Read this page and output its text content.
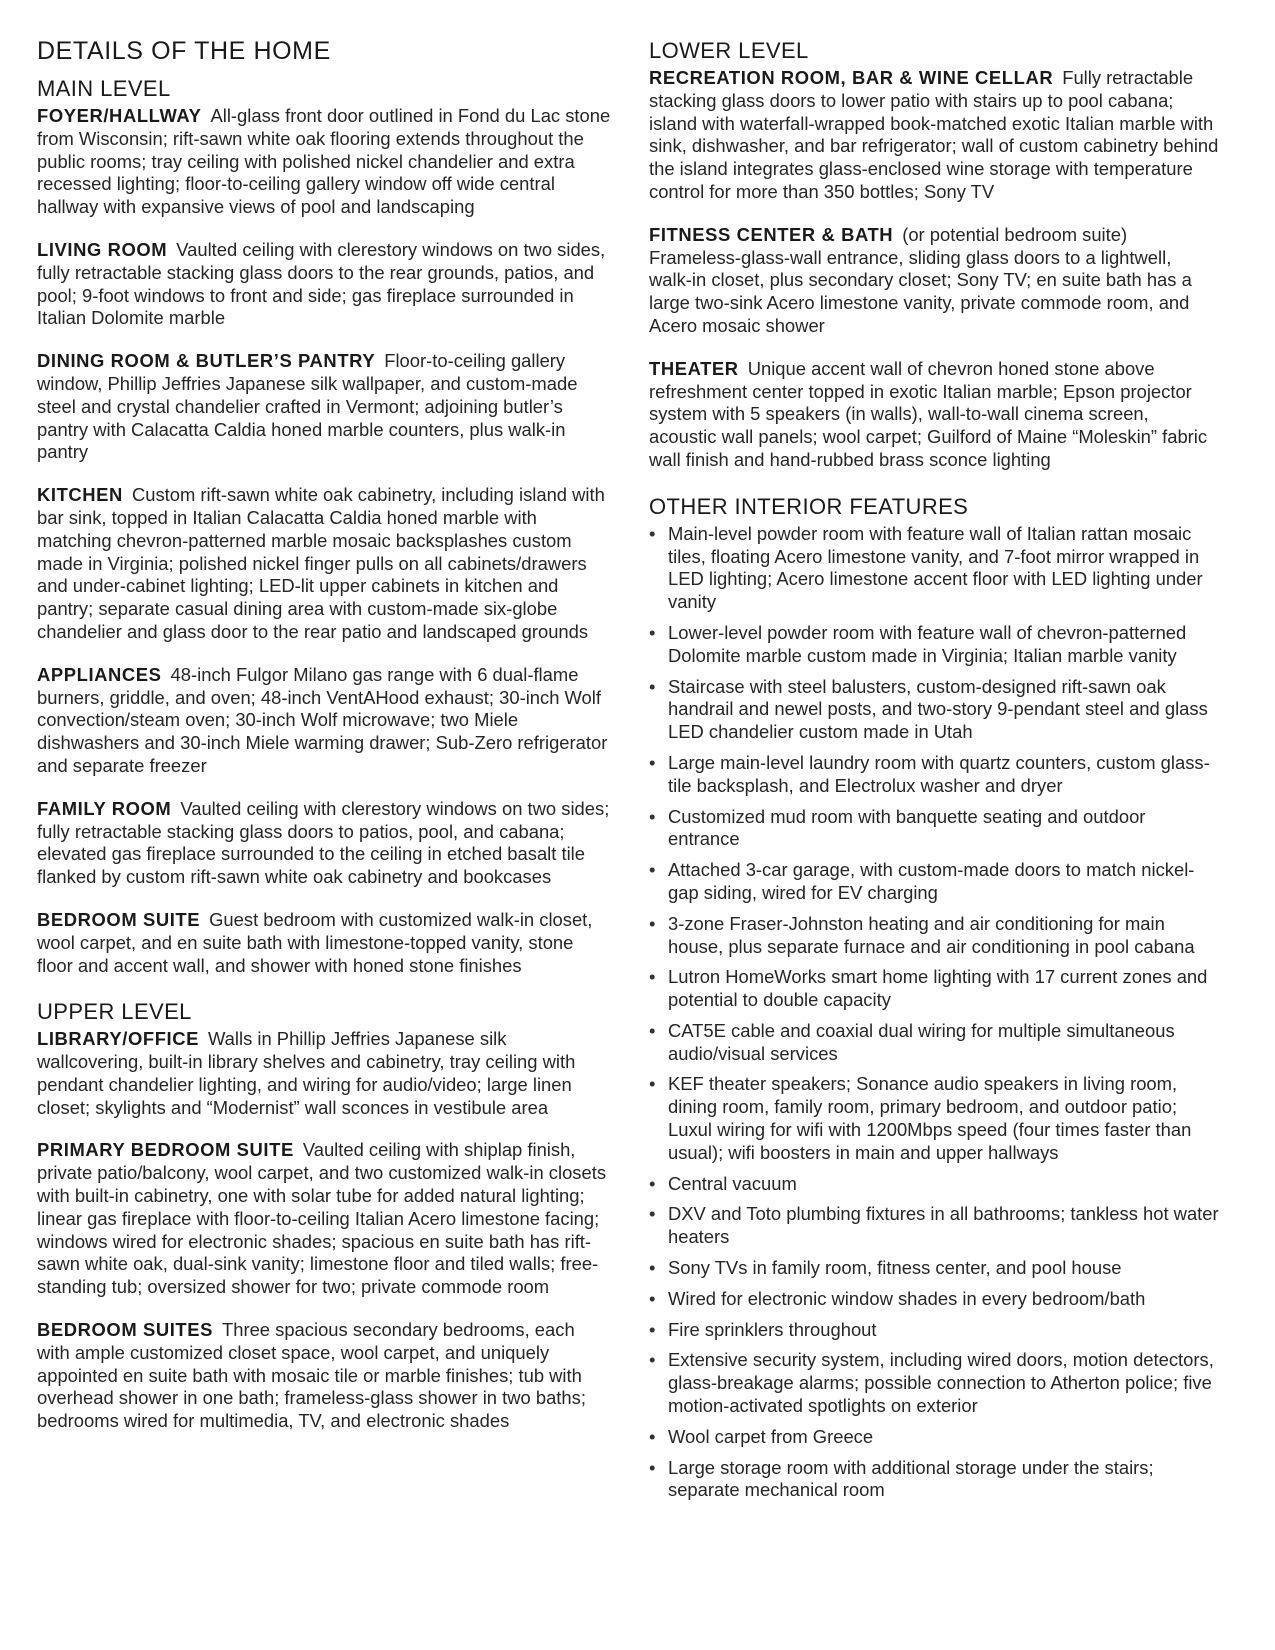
DETAILS OF THE HOME
MAIN LEVEL

FOYER/HALLWAY All-glass front door outlined in Fond du Lac stone from Wisconsin; rift-sawn white oak flooring extends throughout the public rooms; tray ceiling with polished nickel chandelier and extra recessed lighting; floor-to-ceiling gallery window off wide central hallway with expansive views of pool and landscaping

LIVING ROOM Vaulted ceiling with clerestory windows on two sides, fully retractable stacking glass doors to the rear grounds, patios, and pool; 9-foot windows to front and side; gas fireplace surrounded in Italian Dolomite marble

DINING ROOM & BUTLER’S PANTRY Floor-to-ceiling gallery window, Phillip Jeffries Japanese silk wallpaper, and custom-made steel and crystal chandelier crafted in Vermont; adjoining butler’s pantry with Calacatta Caldia honed marble counters, plus walk-in pantry

KITCHEN Custom rift-sawn white oak cabinetry, including island with bar sink, topped in Italian Calacatta Caldia honed marble with matching chevron-patterned marble mosaic backsplashes custom made in Virginia; polished nickel finger pulls on all cabinets/drawers and under-cabinet lighting; LED-lit upper cabinets in kitchen and pantry; separate casual dining area with custom-made six-globe chandelier and glass door to the rear patio and landscaped grounds

APPLIANCES 48-inch Fulgor Milano gas range with 6 dual-flame burners, griddle, and oven; 48-inch VentAHood exhaust; 30-inch Wolf convection/steam oven; 30-inch Wolf microwave; two Miele dishwashers and 30-inch Miele warming drawer; Sub-Zero refrigerator and separate freezer

FAMILY ROOM Vaulted ceiling with clerestory windows on two sides; fully retractable stacking glass doors to patios, pool, and cabana; elevated gas fireplace surrounded to the ceiling in etched basalt tile flanked by custom rift-sawn white oak cabinetry and bookcases

BEDROOM SUITE Guest bedroom with customized walk-in closet, wool carpet, and en suite bath with limestone-topped vanity, stone floor and accent wall, and shower with honed stone finishes

UPPER LEVEL

LIBRARY/OFFICE Walls in Phillip Jeffries Japanese silk wallcovering, built-in library shelves and cabinetry, tray ceiling with pendant chandelier lighting, and wiring for audio/video; large linen closet; skylights and “Modernist” wall sconces in vestibule area

PRIMARY BEDROOM SUITE Vaulted ceiling with shiplap finish, private patio/balcony, wool carpet, and two customized walk-in closets with built-in cabinetry, one with solar tube for added natural lighting; linear gas fireplace with floor-to-ceiling Italian Acero limestone facing; windows wired for electronic shades; spacious en suite bath has rift-sawn white oak, dual-sink vanity; limestone floor and tiled walls; free-standing tub; oversized shower for two; private commode room

BEDROOM SUITES Three spacious secondary bedrooms, each with ample customized closet space, wool carpet, and uniquely appointed en suite bath with mosaic tile or marble finishes; tub with overhead shower in one bath; frameless-glass shower in two baths; bedrooms wired for multimedia, TV, and electronic shades

LOWER LEVEL

RECREATION ROOM, BAR & WINE CELLAR Fully retractable stacking glass doors to lower patio with stairs up to pool cabana; island with waterfall-wrapped book-matched exotic Italian marble with sink, dishwasher, and bar refrigerator; wall of custom cabinetry behind the island integrates glass-enclosed wine storage with temperature control for more than 350 bottles; Sony TV

FITNESS CENTER & BATH (or potential bedroom suite) Frameless-glass-wall entrance, sliding glass doors to a lightwell, walk-in closet, plus secondary closet; Sony TV; en suite bath has a large two-sink Acero limestone vanity, private commode room, and Acero mosaic shower

THEATER Unique accent wall of chevron honed stone above refreshment center topped in exotic Italian marble; Epson projector system with 5 speakers (in walls), wall-to-wall cinema screen, acoustic wall panels; wool carpet; Guilford of Maine “Moleskin” fabric wall finish and hand-rubbed brass sconce lighting

OTHER INTERIOR FEATURES
• Main-level powder room with feature wall of Italian rattan mosaic tiles, floating Acero limestone vanity, and 7-foot mirror wrapped in LED lighting; Acero limestone accent floor with LED lighting under vanity
• Lower-level powder room with feature wall of chevron-patterned Dolomite marble custom made in Virginia; Italian marble vanity
• Staircase with steel balusters, custom-designed rift-sawn oak handrail and newel posts, and two-story 9-pendant steel and glass LED chandelier custom made in Utah
• Large main-level laundry room with quartz counters, custom glass-tile backsplash, and Electrolux washer and dryer
• Customized mud room with banquette seating and outdoor entrance
• Attached 3-car garage, with custom-made doors to match nickel-gap siding, wired for EV charging
• 3-zone Fraser-Johnston heating and air conditioning for main house, plus separate furnace and air conditioning in pool cabana
• Lutron HomeWorks smart home lighting with 17 current zones and potential to double capacity
• CAT5E cable and coaxial dual wiring for multiple simultaneous audio/visual services
• KEF theater speakers; Sonance audio speakers in living room, dining room, family room, primary bedroom, and outdoor patio; Luxul wiring for wifi with 1200Mbps speed (four times faster than usual); wifi boosters in main and upper hallways
• Central vacuum
• DXV and Toto plumbing fixtures in all bathrooms; tankless hot water heaters
• Sony TVs in family room, fitness center, and pool house
• Wired for electronic window shades in every bedroom/bath
• Fire sprinklers throughout
• Extensive security system, including wired doors, motion detectors, glass-breakage alarms; possible connection to Atherton police; five motion-activated spotlights on exterior
• Wool carpet from Greece
• Large storage room with additional storage under the stairs; separate mechanical room
